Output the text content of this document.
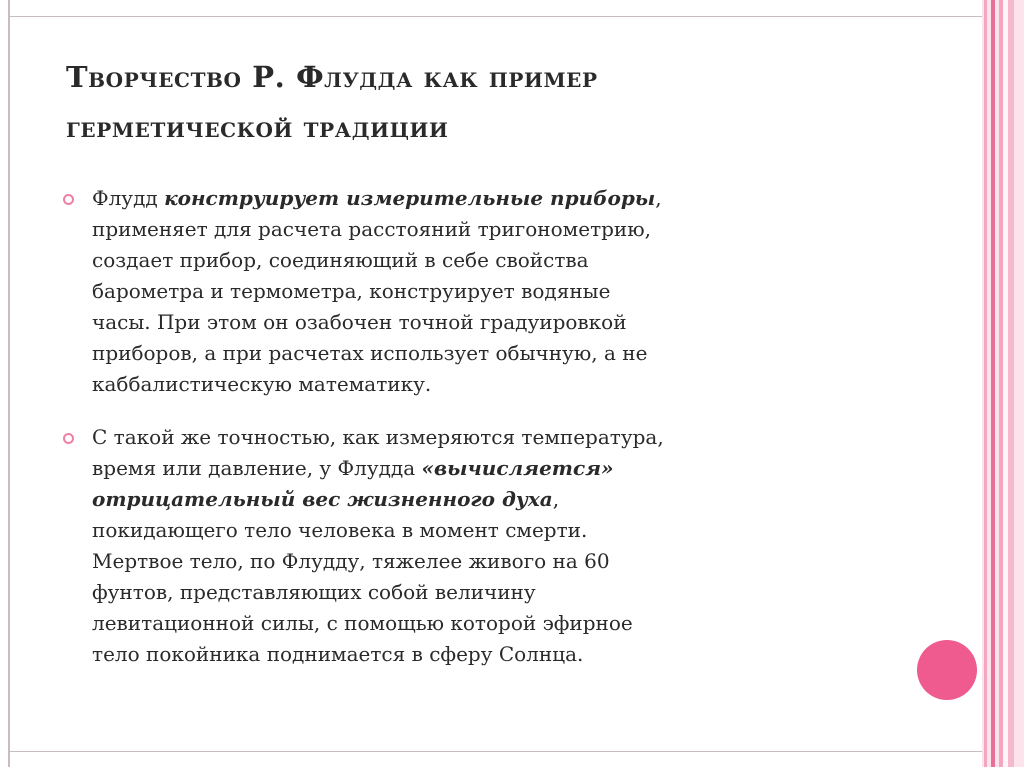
Творчество Р. Флудда как пример
герметической традиции
Флудд конструирует измерительные приборы,
применяет для расчета расстояний тригонометрию,
создает прибор, соединяющий в себе свойства
барометра и термометра, конструирует водяные
часы. При этом он озабочен точной градуировкой
приборов, а при расчетах использует обычную, а не
каббалистическую математику.
С такой же точностью, как измеряются температура,
время или давление, у Флудда «вычисляется»
отрицательный вес жизненного духа,
покидающего тело человека в момент смерти.
Мертвое тело, по Флудду, тяжелее живого на 60
фунтов, представляющих собой величину
левитационной силы, с помощью которой эфирное
тело покойника поднимается в сферу Солнца.
